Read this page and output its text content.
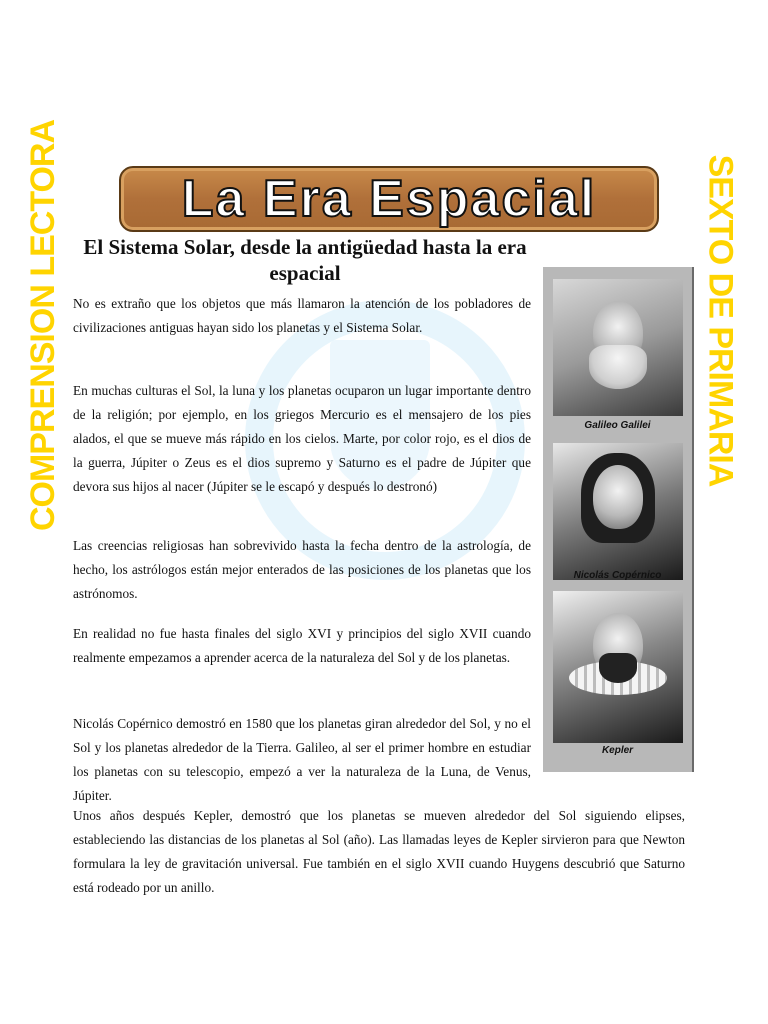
COMPRENSION LECTORA	SEXTO DE PRIMARIA
La Era Espacial
El Sistema Solar, desde la antigüedad hasta la era espacial

No es extraño que los objetos que más llamaron la atención de los pobladores de civilizaciones antiguas hayan sido los planetas y el Sistema Solar.

En muchas culturas el Sol, la luna y los planetas ocuparon un lugar importante dentro de la religión; por ejemplo, en los griegos Mercurio es el mensajero de los pies alados, el que se mueve más rápido en los cielos. Marte, por color rojo, es el dios de la guerra, Júpiter o Zeus es el dios supremo y Saturno es el padre de Júpiter que devora sus hijos al nacer (Júpiter se le escapó y después lo destronó)

Las creencias religiosas han sobrevivido hasta la fecha dentro de la astrología, de hecho, los astrólogos están mejor enterados de las posiciones de los planetas que los astrónomos.

En realidad no fue hasta finales del siglo XVI y principios del siglo XVII cuando realmente empezamos a aprender acerca de la naturaleza del Sol y de los planetas.

Nicolás Copérnico demostró en 1580 que los planetas giran alrededor del Sol, y no el Sol y los planetas alrededor de la Tierra. Galileo, al ser el primer hombre en estudiar los planetas con su telescopio, empezó a ver la naturaleza de la Luna, de Venus, Júpiter.

Unos años después Kepler, demostró que los planetas se mueven alrededor del Sol siguiendo elipses, estableciendo las distancias de los planetas al Sol (año). Las llamadas leyes de Kepler sirvieron para que Newton formulara la ley de gravitación universal. Fue también en el siglo XVII cuando Huygens descubrió que Saturno está rodeado por un anillo.

Galileo Galilei
Nicolás Copérnico
Kepler
